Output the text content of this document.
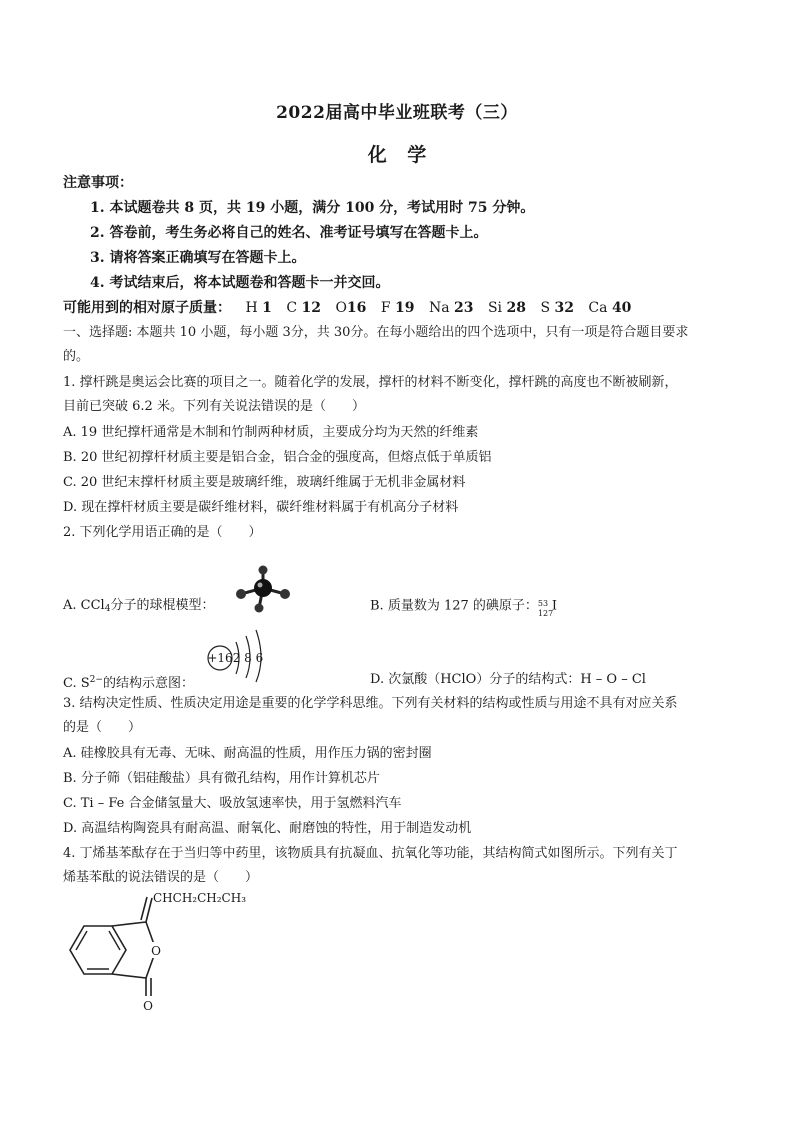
2022届高中毕业班联考（三）
化 学
注意事项：
1. 本试题卷共 8 页，共 19 小题，满分 100 分，考试用时 75 分钟。
2. 答卷前，考生务必将自己的姓名、准考证号填写在答题卡上。
3. 请将答案正确填写在答题卡上。
4. 考试结束后，将本试题卷和答题卡一并交回。
可能用到的相对原子质量： H 1 C 12 O16 F 19 Na 23 Si 28 S 32 Ca 40
一、选择题: 本题共 10 小题，每小题 3分，共 30分。在每小题给出的四个选项中，只有一项是符合题目要求
的。
1. 撑杆跳是奥运会比赛的项目之一。随着化学的发展，撑杆的材料不断变化，撑杆跳的高度也不断被刷新，
目前已突破 6.2 米。下列有关说法错误的是（　　）
A. 19 世纪撑杆通常是木制和竹制两种材质，主要成分均为天然的纤维素
B. 20 世纪初撑杆材质主要是铝合金，铝合金的强度高，但熔点低于单质铝
C. 20 世纪末撑杆材质主要是玻璃纤维，玻璃纤维属于无机非金属材料
D. 现在撑杆材质主要是碳纤维材料，碳纤维材料属于有机高分子材料
2. 下列化学用语正确的是（　　）
A. CCl$_4$分子的球棍模型：	B. 质量数为 127 的碘原子： 53
127
I
+16 2 8 6
C. $S^{2-}$的结构示意图：	D. 次氯酸（HClO）分子的结构式：H – O – Cl
3. 结构决定性质、性质决定用途是重要的化学学科思维。下列有关材料的结构或性质与用途不具有对应关系
的是（　　）
A. 硅橡胶具有无毒、无味、耐高温的性质，用作压力锅的密封圈
B. 分子筛（铝硅酸盐）具有微孔结构，用作计算机芯片
C. Ti – Fe 合金储氢量大、吸放氢速率快，用于氢燃料汽车
D. 高温结构陶瓷具有耐高温、耐氧化、耐磨蚀的特性，用于制造发动机
4. 丁烯基苯酞存在于当归等中药里，该物质具有抗凝血、抗氧化等功能，其结构简式如图所示。下列有关丁
烯基苯酞的说法错误的是（　　）
O
CHCH₂CH₂CH₃
O
